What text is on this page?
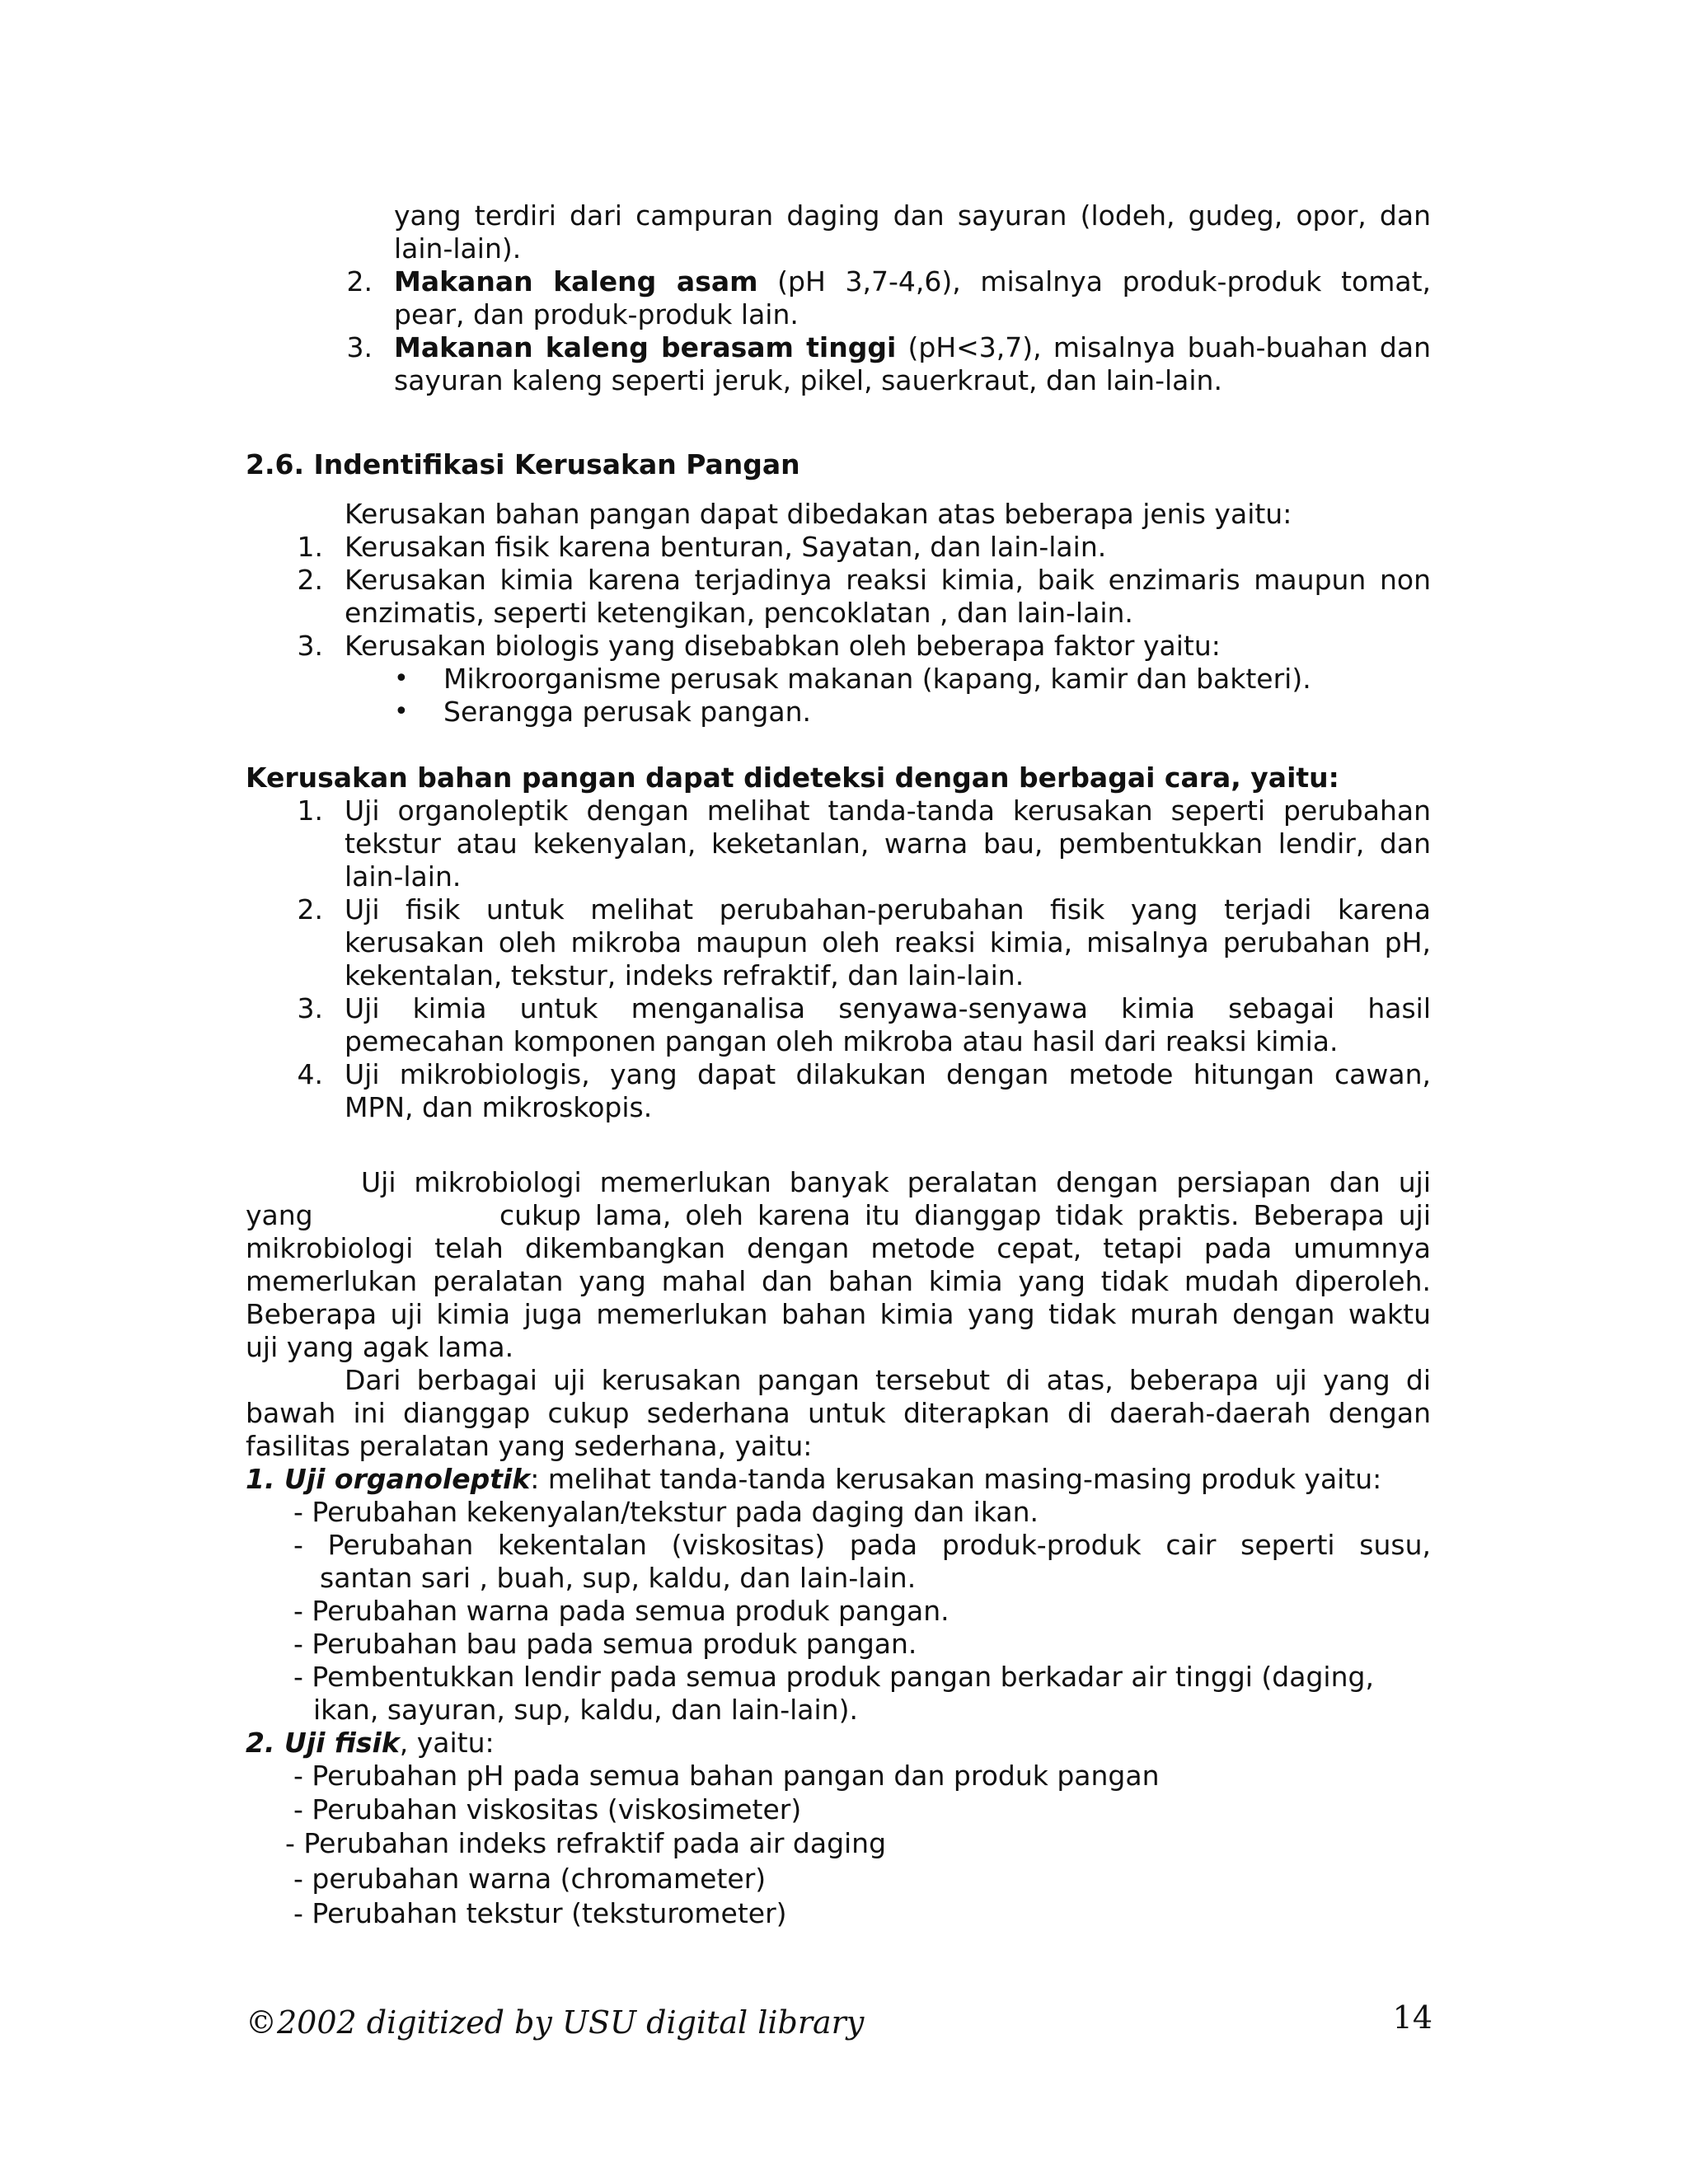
yang terdiri dari campuran daging dan sayuran (lodeh, gudeg, opor, dan
lain-lain).
2. Makanan kaleng asam (pH 3,7-4,6), misalnya produk-produk tomat,
pear, dan produk-produk lain.
3. Makanan kaleng berasam tinggi (pH<3,7), misalnya buah-buahan dan
sayuran kaleng seperti jeruk, pikel, sauerkraut, dan lain-lain.
2.6. Indentifikasi Kerusakan Pangan
Kerusakan bahan pangan dapat dibedakan atas beberapa jenis yaitu:
1. Kerusakan fisik karena benturan, Sayatan, dan lain-lain.
2. Kerusakan kimia karena terjadinya reaksi kimia, baik enzimaris maupun non
enzimatis, seperti ketengikan, pencoklatan , dan lain-lain.
3. Kerusakan biologis yang disebabkan oleh beberapa faktor yaitu:
• Mikroorganisme perusak makanan (kapang, kamir dan bakteri).
• Serangga perusak pangan.
Kerusakan bahan pangan dapat dideteksi dengan berbagai cara, yaitu:
1. Uji organoleptik dengan melihat tanda-tanda kerusakan seperti perubahan
tekstur atau kekenyalan, keketanlan, warna bau, pembentukkan lendir, dan
lain-lain.
2. Uji fisik untuk melihat perubahan-perubahan fisik yang terjadi karena
kerusakan oleh mikroba maupun oleh reaksi kimia, misalnya perubahan pH,
kekentalan, tekstur, indeks refraktif, dan lain-lain.
3. Uji kimia untuk menganalisa senyawa-senyawa kimia sebagai hasil
pemecahan komponen pangan oleh mikroba atau hasil dari reaksi kimia.
4. Uji mikrobiologis, yang dapat dilakukan dengan metode hitungan cawan,
MPN, dan mikroskopis.
Uji mikrobiologi memerlukan banyak peralatan dengan persiapan dan uji
yang	cukup lama, oleh karena itu dianggap tidak praktis. Beberapa uji
mikrobiologi telah dikembangkan dengan metode cepat, tetapi pada umumnya
memerlukan peralatan yang mahal dan bahan kimia yang tidak mudah diperoleh.
Beberapa uji kimia juga memerlukan bahan kimia yang tidak murah dengan waktu
uji yang agak lama.
Dari berbagai uji kerusakan pangan tersebut di atas, beberapa uji yang di
bawah ini dianggap cukup sederhana untuk diterapkan di daerah-daerah dengan
fasilitas peralatan yang sederhana, yaitu:
1. Uji organoleptik: melihat tanda-tanda kerusakan masing-masing produk yaitu:
- Perubahan kekenyalan/tekstur pada daging dan ikan.
- Perubahan kekentalan (viskositas) pada produk-produk cair seperti susu,
santan sari , buah, sup, kaldu, dan lain-lain.
- Perubahan warna pada semua produk pangan.
- Perubahan bau pada semua produk pangan.
- Pembentukkan lendir pada semua produk pangan berkadar air tinggi (daging,
ikan, sayuran, sup, kaldu, dan lain-lain).
2. Uji fisik, yaitu:
- Perubahan pH pada semua bahan pangan dan produk pangan
- Perubahan viskositas (viskosimeter)
- Perubahan indeks refraktif pada air daging
- perubahan warna (chromameter)
- Perubahan tekstur (teksturometer)
©2002 digitized by USU digital library	14
